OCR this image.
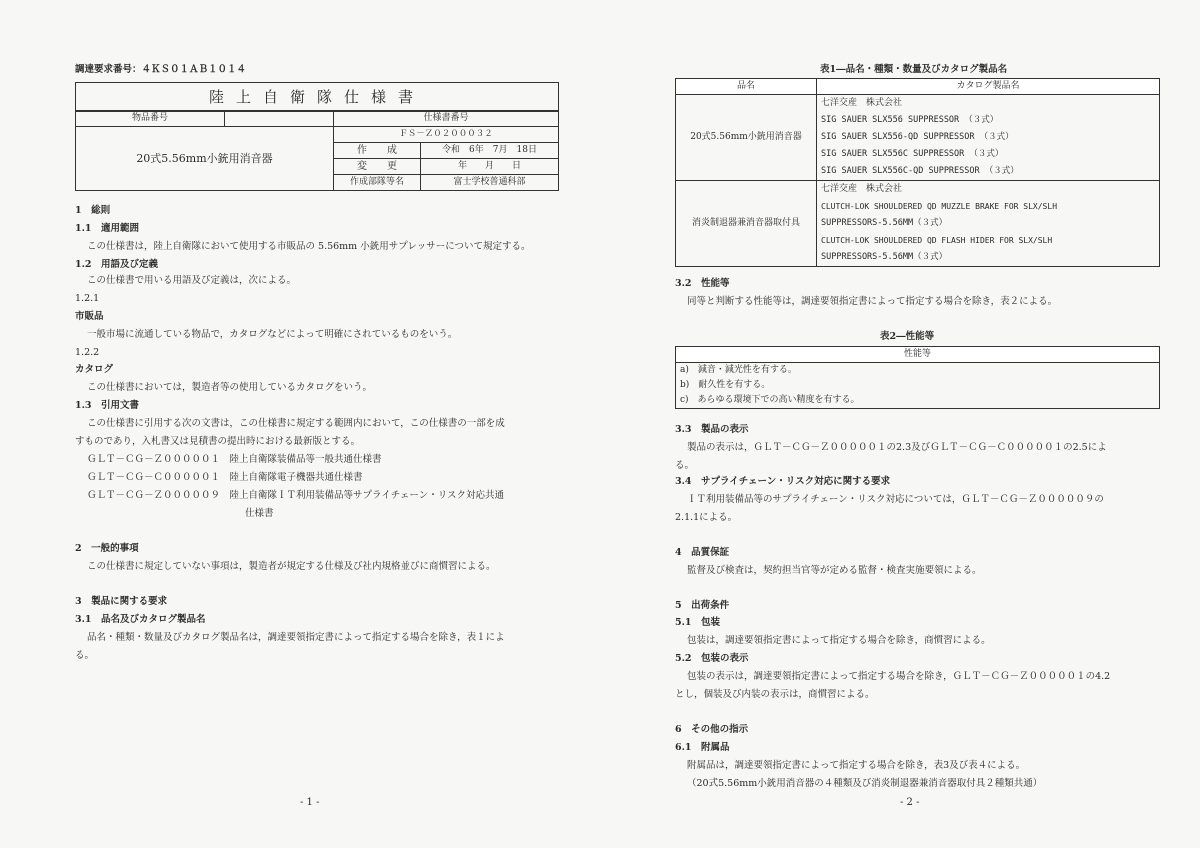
調達要求番号：４ＫＳ０１ＡＢ１０１４
陸上自衛隊仕様書
物品番号		仕様書番号	
20式5.56mm小銃用消音器		ＦＳ－Ｚ０２０００３２	
		作　　成	令和　6年　7月　18日
		変　　更	年　　月　　日
		作成部隊等名	富士学校普通科部
1　総則
1.1　適用範囲
この仕様書は，陸上自衛隊において使用する市販品の 5.56mm 小銃用サプレッサーについて規定する。
1.2　用語及び定義
この仕様書で用いる用語及び定義は，次による。
1.2.1
市販品
一般市場に流通している物品で，カタログなどによって明確にされているものをいう。
1.2.2
カタログ
この仕様書においては，製造者等の使用しているカタログをいう。
1.3　引用文書
この仕様書に引用する次の文書は，この仕様書に規定する範囲内において，この仕様書の一部を成
すものであり，入札書又は見積書の提出時における最新版とする。
ＧＬＴ－ＣＧ－Ｚ０００００１　陸上自衛隊装備品等一般共通仕様書
ＧＬＴ－ＣＧ－Ｃ０００００１　陸上自衛隊電子機器共通仕様書
ＧＬＴ－ＣＧ－Ｚ０００００９　陸上自衛隊ＩＴ利用装備品等サプライチェーン・リスク対応共通
仕様書
2　一般的事項
この仕様書に規定していない事項は，製造者が規定する仕様及び社内規格並びに商慣習による。
3　製品に関する要求
3.1　品名及びカタログ製品名
品名・種類・数量及びカタログ製品名は，調達要領指定書によって指定する場合を除き，表１によ
る。
- 1 -
表1―品名・種類・数量及びカタログ製品名
品名	カタログ製品名
20式5.56mm小銃用消音器	七洋交産　株式会社
SIG SAUER SLX556 SUPPRESSOR （３式）
SIG SAUER SLX556-QD SUPPRESSOR （３式）
SIG SAUER SLX556C SUPPRESSOR （３式）
SIG SAUER SLX556C-QD SUPPRESSOR （３式）

消炎制退器兼消音器取付具	七洋交産　株式会社
CLUTCH-LOK SHOULDERED QD MUZZLE BRAKE FOR SLX/SLH
SUPPRESSORS-5.56MM（３式）
CLUTCH-LOK SHOULDERED QD FLASH HIDER FOR SLX/SLH
SUPPRESSORS-5.56MM（３式）
3.2　性能等
同等と判断する性能等は，調達要領指定書によって指定する場合を除き，表２による。
表2―性能等
性能等
a)　減音・減光性を有する。
b)　耐久性を有する。
c)　あらゆる環境下での高い精度を有する。
3.3　製品の表示
製品の表示は，ＧＬＴ－ＣＧ－Ｚ０００００１の2.3及びＧＬＴ－ＣＧ－Ｃ０００００１の2.5によ
る。
3.4　サプライチェーン・リスク対応に関する要求
ＩＴ利用装備品等のサプライチェーン・リスク対応については，ＧＬＴ－ＣＧ－Ｚ０００００９の
2.1.1による。
4　品質保証
監督及び検査は，契約担当官等が定める監督・検査実施要領による。
5　出荷条件
5.1　包装
包装は，調達要領指定書によって指定する場合を除き，商慣習による。
5.2　包装の表示
包装の表示は，調達要領指定書によって指定する場合を除き，ＧＬＴ－ＣＧ－Ｚ０００００１の4.2
とし，個装及び内装の表示は，商慣習による。
6　その他の指示
6.1　附属品
附属品は，調達要領指定書によって指定する場合を除き，表3及び表４による。
（20式5.56mm小銃用消音器の４種類及び消炎制退器兼消音器取付具２種類共通）
- 2 -
